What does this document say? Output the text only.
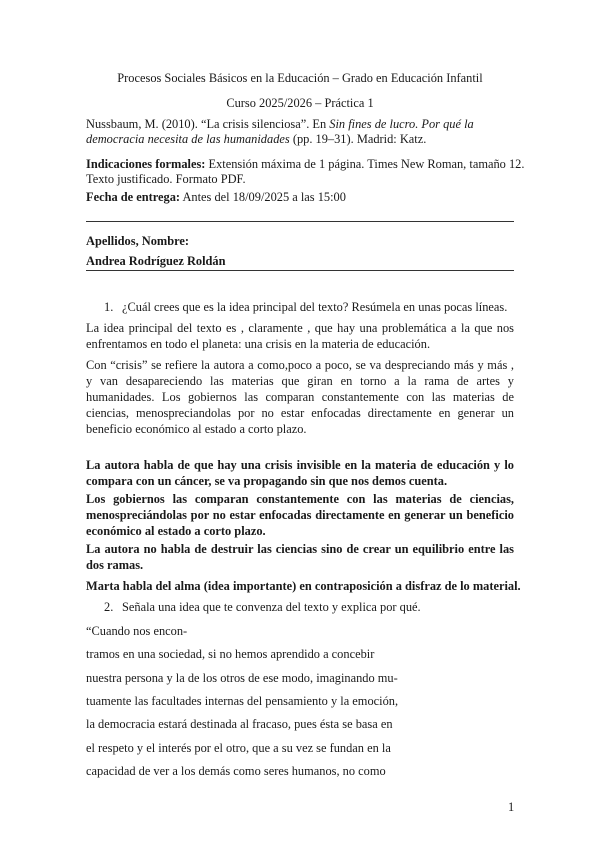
Procesos Sociales Básicos en la Educación – Grado en Educación Infantil
Curso 2025/2026 – Práctica 1
Nussbaum, M. (2010). “La crisis silenciosa”. En Sin fines de lucro. Por qué la
democracia necesita de las humanidades (pp. 19–31). Madrid: Katz.
Indicaciones formales: Extensión máxima de 1 página. Times New Roman, tamaño 12.
Texto justificado. Formato PDF.
Fecha de entrega: Antes del 18/09/2025 a las 15:00
Apellidos, Nombre:
Andrea Rodríguez Roldán
1. ¿Cuál crees que es la idea principal del texto? Resúmela en unas pocas líneas.
La idea principal del texto es , claramente , que hay una problemática a la que nos enfrentamos en todo el planeta: una crisis en la materia de educación.
Con “crisis” se refiere la autora a como,poco a poco, se va despreciando más y más , y van desapareciendo las materias que giran en torno a la rama de artes y humanidades. Los gobiernos las comparan constantemente con las materias de ciencias, menospreciandolas por no estar enfocadas directamente en generar un beneficio económico al estado a corto plazo.
La autora habla de que hay una crisis invisible en la materia de educación y lo compara con un cáncer, se va propagando sin que nos demos cuenta.
Los gobiernos las comparan constantemente con las materias de ciencias, menospreciándolas por no estar enfocadas directamente en generar un beneficio económico al estado a corto plazo.
La autora no habla de destruir las ciencias sino de crear un equilibrio entre las dos ramas.
Marta habla del alma (idea importante) en contraposición a disfraz de lo material.
2. Señala una idea que te convenza del texto y explica por qué.
“Cuando nos encon-
tramos en una sociedad, si no hemos aprendido a concebir
nuestra persona y la de los otros de ese modo, imaginando mu-
tuamente las facultades internas del pensamiento y la emoción,
la democracia estará destinada al fracaso, pues ésta se basa en
el respeto y el interés por el otro, que a su vez se fundan en la
capacidad de ver a los demás como seres humanos, no como
1
